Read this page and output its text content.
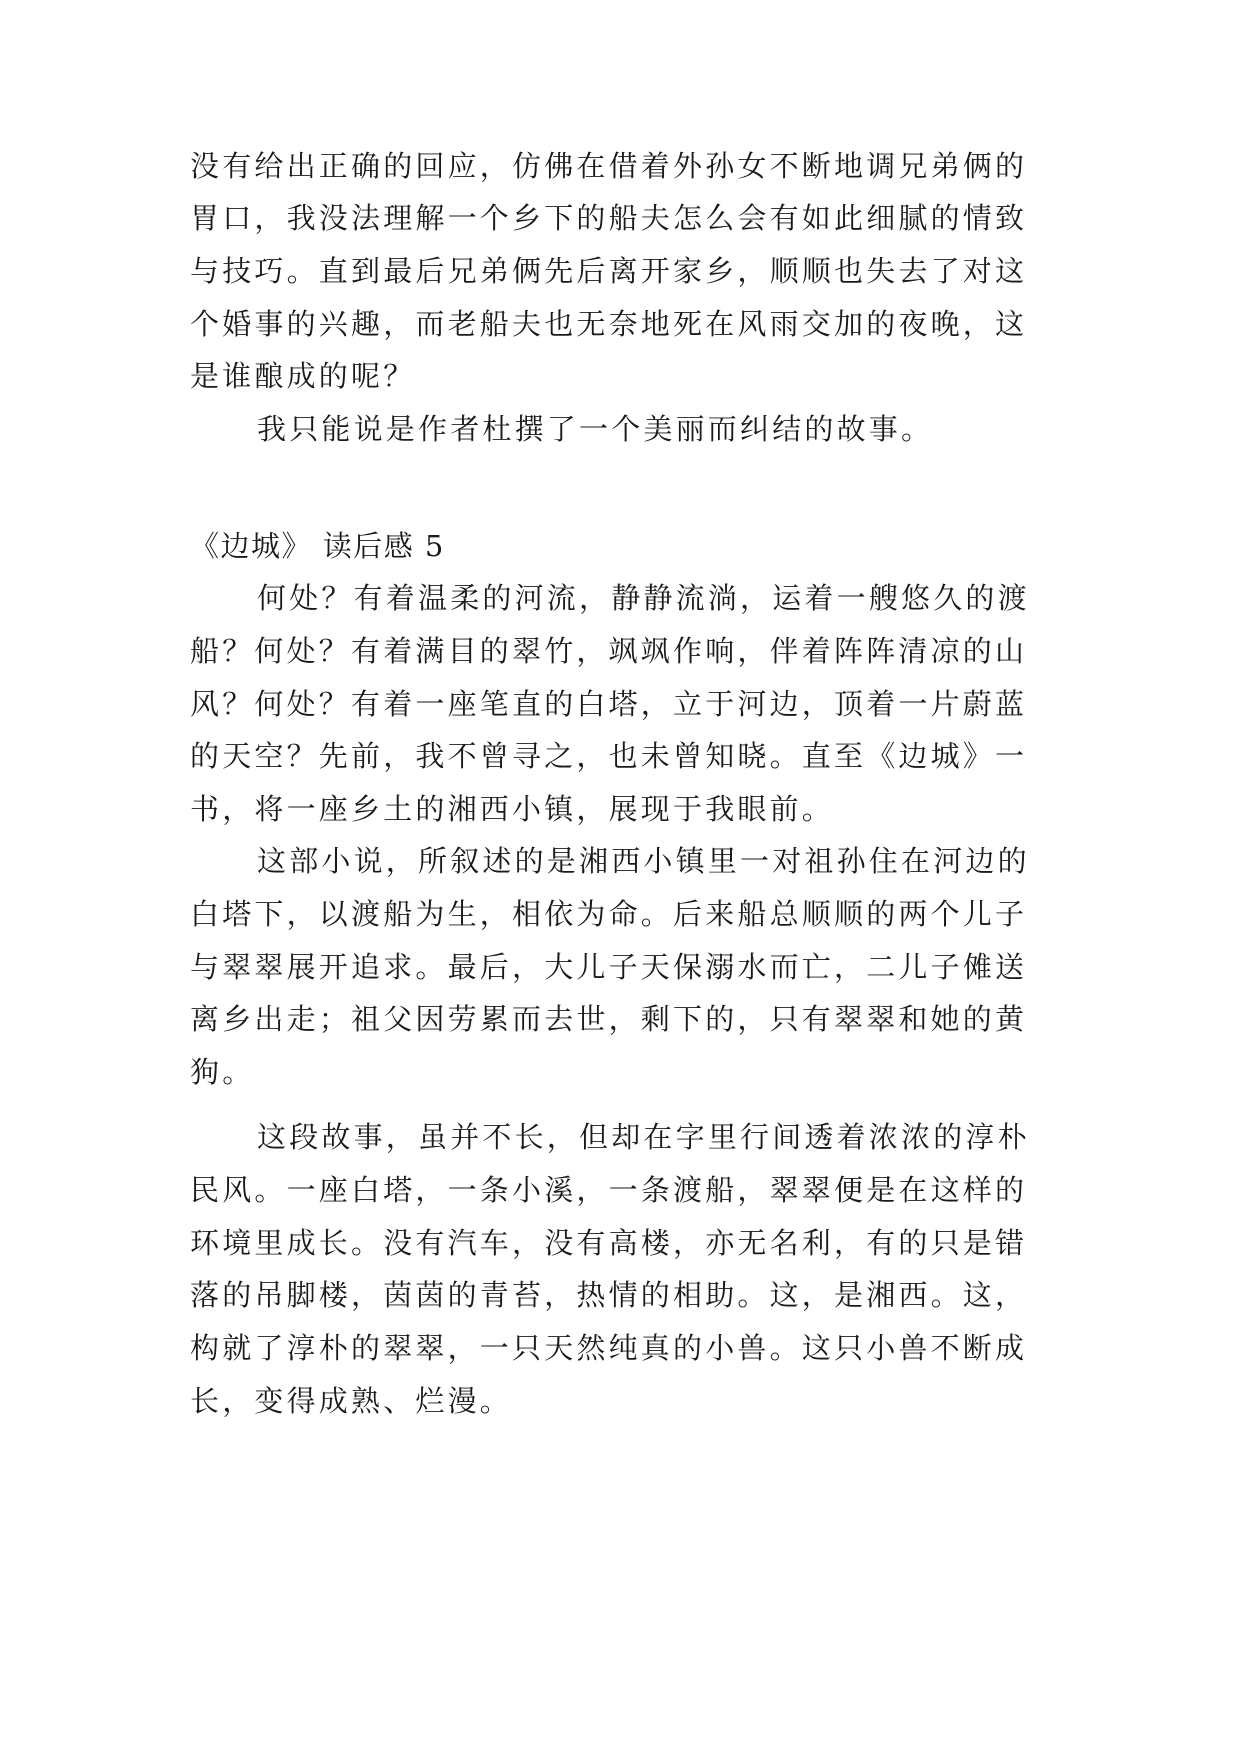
没有给出正确的回应，仿佛在借着外孙女不断地调兄弟俩的
胃口，我没法理解一个乡下的船夫怎么会有如此细腻的情致
与技巧。直到最后兄弟俩先后离开家乡，顺顺也失去了对这
个婚事的兴趣，而老船夫也无奈地死在风雨交加的夜晚，这
是谁酿成的呢？
我只能说是作者杜撰了一个美丽而纠结的故事。
《边城》 读后感 5
何处？有着温柔的河流，静静流淌，运着一艘悠久的渡
船？何处？有着满目的翠竹，飒飒作响，伴着阵阵清凉的山
风？何处？有着一座笔直的白塔，立于河边，顶着一片蔚蓝
的天空？先前，我不曾寻之，也未曾知晓。直至《边城》一
书，将一座乡土的湘西小镇，展现于我眼前。
这部小说，所叙述的是湘西小镇里一对祖孙住在河边的
白塔下，以渡船为生，相依为命。后来船总顺顺的两个儿子
与翠翠展开追求。最后，大儿子天保溺水而亡，二儿子傩送
离乡出走；祖父因劳累而去世，剩下的，只有翠翠和她的黄
狗。
这段故事，虽并不长，但却在字里行间透着浓浓的淳朴
民风。一座白塔，一条小溪，一条渡船，翠翠便是在这样的
环境里成长。没有汽车，没有高楼，亦无名利，有的只是错
落的吊脚楼，茵茵的青苔，热情的相助。这，是湘西。这，
构就了淳朴的翠翠，一只天然纯真的小兽。这只小兽不断成
长，变得成熟、烂漫。
